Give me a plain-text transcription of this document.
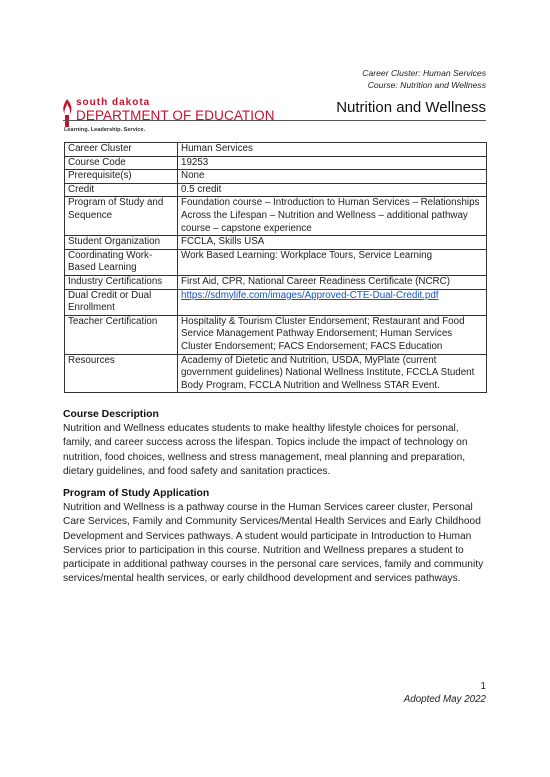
Career Cluster: Human Services
Course: Nutrition and Wellness
south dakota
DEPARTMENT OF EDUCATION
Learning. Leadership. Service.
Nutrition and Wellness
Career Cluster	Human Services
Course Code	19253
Prerequisite(s)	None
Credit	0.5 credit
Program of Study and Sequence	Foundation course – Introduction to Human Services – Relationships Across the Lifespan – Nutrition and Wellness – additional pathway course – capstone experience
Student Organization	FCCLA, Skills USA
Coordinating Work-Based Learning	Work Based Learning: Workplace Tours, Service Learning
Industry Certifications	First Aid, CPR, National Career Readiness Certificate (NCRC)
Dual Credit or Dual Enrollment	https://sdmylife.com/images/Approved-CTE-Dual-Credit.pdf
Teacher Certification	Hospitality & Tourism Cluster Endorsement; Restaurant and Food Service Management Pathway Endorsement; Human Services Cluster Endorsement; FACS Endorsement; FACS Education
Resources	Academy of Dietetic and Nutrition, USDA, MyPlate (current government guidelines) National Wellness Institute, FCCLA Student Body Program, FCCLA Nutrition and Wellness STAR Event.
Course Description
Nutrition and Wellness educates students to make healthy lifestyle choices for personal, family, and career success across the lifespan. Topics include the impact of technology on nutrition, food choices, wellness and stress management, meal planning and preparation, dietary guidelines, and food safety and sanitation practices.
Program of Study Application
Nutrition and Wellness is a pathway course in the Human Services career cluster, Personal Care Services, Family and Community Services/Mental Health Services and Early Childhood Development and Services pathways. A student would participate in Introduction to Human Services prior to participation in this course. Nutrition and Wellness prepares a student to participate in additional pathway courses in the personal care services, family and community services/mental health services, or early childhood development and services pathways.
1
Adopted May 2022
